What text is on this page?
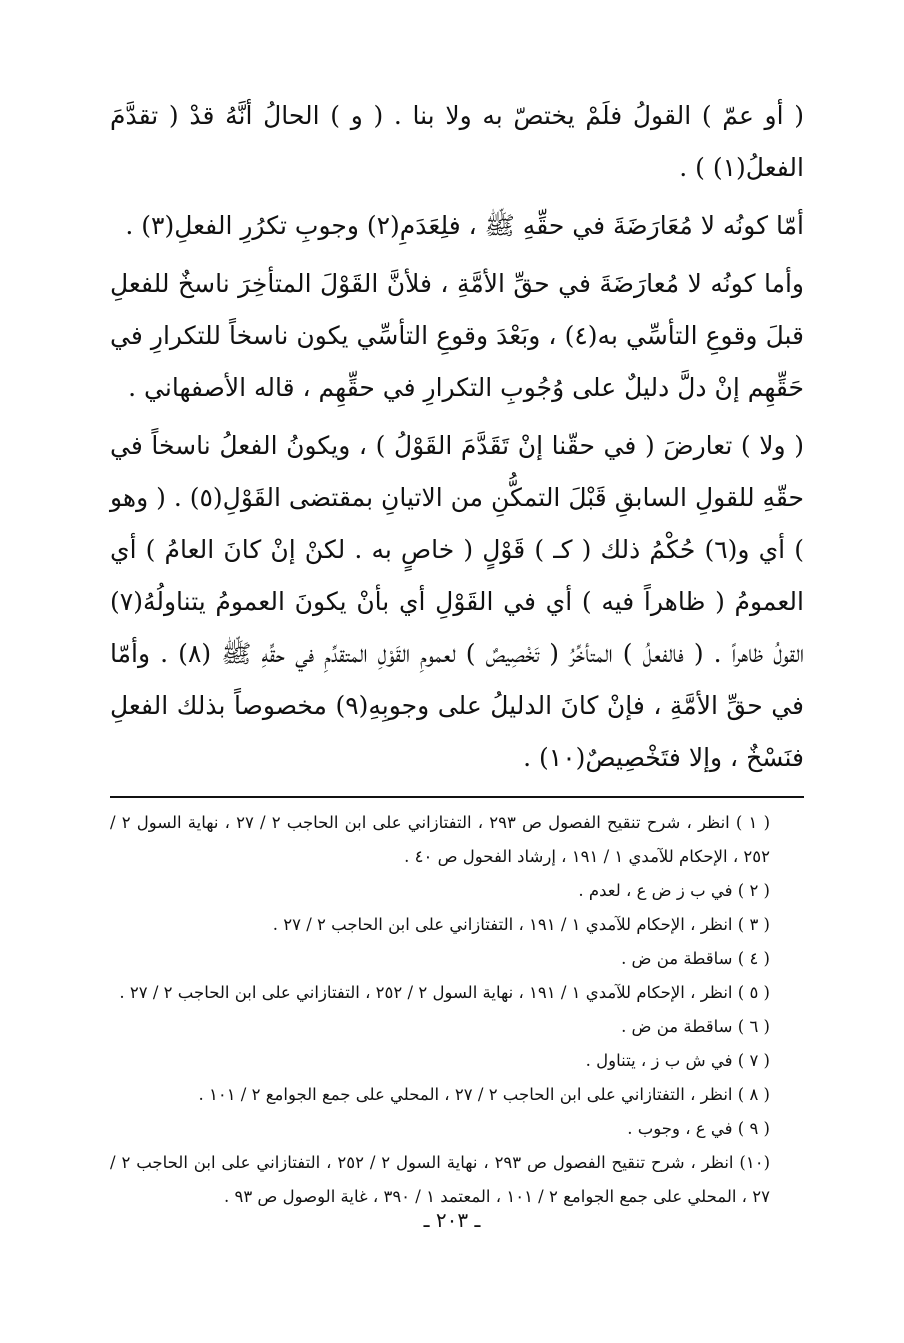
( أو عمّ ) القولُ فلَمْ يختصّ به ولا بنا . ( و ) الحالُ أنَّهُ قدْ ( تقدَّمَ الفعلُ(١) ) .

أمّا كونُه لا مُعَارَضَةَ في حقِّهِ ﷺ ، فلِعَدَمِ(٢) وجوبِ تكرُرِ الفعلِ(٣) .

وأما كونُه لا مُعارَضَةَ في حقِّ الأمَّةِ ، فلأنَّ القَوْلَ المتأخِرَ ناسخٌ للفعلِ قبلَ وقوعِ التأسِّي به(٤) ، وبَعْدَ وقوعِ التأسِّي يكون ناسخاً للتكرارِ في حَقِّهِم إنْ دلَّ دليلٌ على وُجُوبِ التكرارِ في حقِّهِم ، قاله الأصفهاني .

( ولا ) تعارضَ ( في حقّنا إنْ تَقَدَّمَ القَوْلُ ) ، ويكونُ الفعلُ ناسخاً في حقّهِ للقولِ السابقِ قَبْلَ التمكُّنِ من الاتيانِ بمقتضى القَوْلِ(٥) . ( وهو ) أي و(٦) حُكْمُ ذلك ( كـ ) قَوْلٍ ( خاصٍ به . لكنْ إنْ كانَ العامُ ) أي العمومُ ( ظاهراً فيه ) أي في القَوْلِ أي بأنْ يكونَ العمومُ يتناولُهُ(٧) القولُ ظاهراً . ( فالفعلُ ) المتأخِّرُ ( تَخْصِيصٌ ) لعمومِ القَوْلِ المتقدِّمِ في حقِّهِ ﷺ (٨) . وأمّا في حقِّ الأمَّةِ ، فإنْ كانَ الدليلُ على وجوبِهِ(٩) مخصوصاً بذلك الفعلِ فنَسْخٌ ، وإلا فتَخْصِيصٌ(١٠) .

( ١ ) انظر ، شرح تنقيح الفصول ص ٢٩٣ ، التفتازاني على ابن الحاجب ٢ / ٢٧ ، نهاية السول ٢ / ٢٥٢ ، الإحكام للآمدي ١ / ١٩١ ، إرشاد الفحول ص ٤٠ .

( ٢ ) في ب ز ض ع ، لعدم .

( ٣ ) انظر ، الإحكام للآمدي ١ / ١٩١ ، التفتازاني على ابن الحاجب ٢ / ٢٧ .

( ٤ ) ساقطة من ض .

( ٥ ) انظر ، الإحكام للآمدي ١ / ١٩١ ، نهاية السول ٢ / ٢٥٢ ، التفتازاني على ابن الحاجب ٢ / ٢٧ .

( ٦ ) ساقطة من ض .

( ٧ ) في ش ب ز ، يتناول .

( ٨ ) انظر ، التفتازاني على ابن الحاجب ٢ / ٢٧ ، المحلي على جمع الجوامع ٢ / ١٠١ .

( ٩ ) في ع ، وجوب .

(١٠) انظر ، شرح تنقيح الفصول ص ٢٩٣ ، نهاية السول ٢ / ٢٥٢ ، التفتازاني على ابن الحاجب ٢ / ٢٧ ، المحلي على جمع الجوامع ٢ / ١٠١ ، المعتمد ١ / ٣٩٠ ، غاية الوصول ص ٩٣ .

ـ ٢٠٣ ـ
